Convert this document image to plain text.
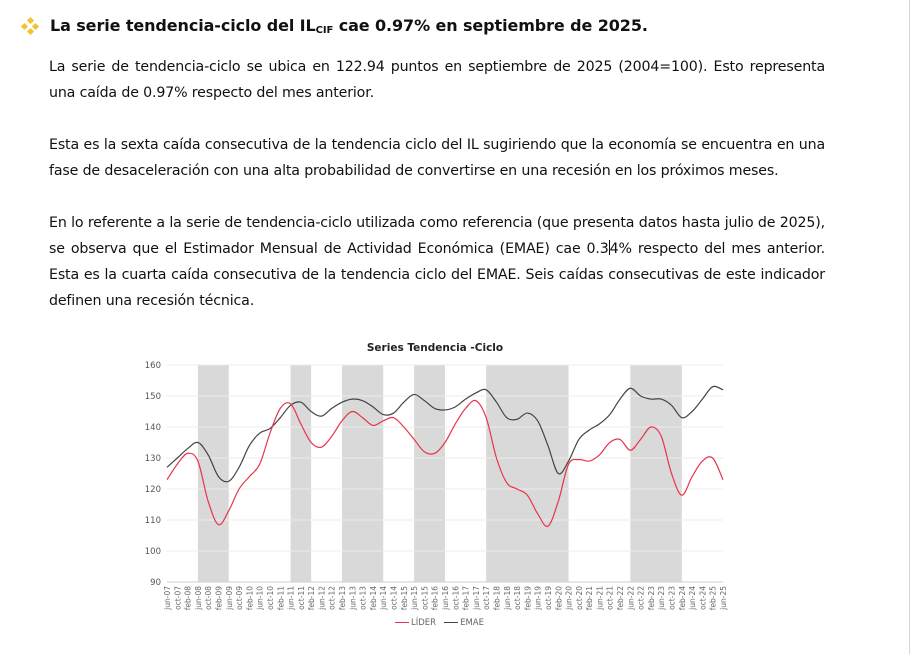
La serie tendencia-ciclo del $IL_{CIF}$ cae 0.97% en septiembre de 2025.

La serie de tendencia-ciclo se ubica en 122.94 puntos en septiembre de 2025 (2004=100). Esto representa una caída de 0.97% respecto del mes anterior.

Esta es la sexta caída consecutiva de la tendencia ciclo del IL sugiriendo que la economía se encuentra en una fase de desaceleración con una alta probabilidad de convertirse en una recesión en los próximos meses.

En lo referente a la serie de tendencia-ciclo utilizada como referencia (que presenta datos hasta julio de 2025), se observa que el Estimador Mensual de Actividad Económica (EMAE) cae 0.34% respecto del mes anterior. Esta es la cuarta caída consecutiva de la tendencia ciclo del EMAE. Seis caídas consecutivas de este indicador definen una recesión técnica.

90
100
110
120
130
140
150
160
jun-07 oct-07 feb-08 jun-08 oct-08 feb-09 jun-09 oct-09 feb-10 jun-10 oct-10 feb-11 jun-11 oct-11 feb-12 jun-12 oct-12 feb-13 jun-13 oct-13 feb-14 jun-14 oct-14 feb-15 jun-15 oct-15 feb-16 jun-16 oct-16 feb-17 jun-17 oct-17 feb-18 jun-18 oct-18 feb-19 jun-19 oct-19 feb-20 jun-20 oct-20 feb-21 jun-21 oct-21 feb-22 jun-22 oct-22 feb-23 jun-23 oct-23 feb-24 jun-24 oct-24 feb-25 jun-25
Series Tendencia -Ciclo
LÍDER	EMAE
